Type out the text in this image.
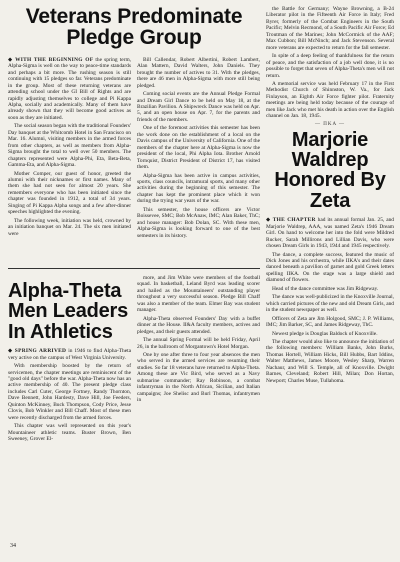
Veterans Predominate Pledge Group

◆ WITH THE BEGINNING OF the spring term, Alpha-Sigma is well on the way to peace-time standards and perhaps a bit more. The rushing season is still continuing with 15 pledges so far. Veterans predominate in the group. Most of these returning veterans are attending school under the GI Bill of Rights and are rapidly adjusting themselves to college and Pi Kappa Alpha, socially and academically. Many of them have already shown that they will become good actives as soon as they are initiated.

The social season began with the traditional Founders' Day banquet at the Whitcomb Hotel in San Francisco on Mar. 16. Alumni, visiting members in the armed forces from other chapters, as well as members from Alpha-Sigma brought the total to well over 50 members. The chapters represented were Alpha-Phi, Eta, Beta-Beta, Gamma-Eta, and Alpha-Sigma.

Mother Comper, our guest of honor, greeted the alumni with their nicknames or first names. Many of them she had not seen for almost 20 years. She remembers everyone who has been initiated since the chapter was founded in 1912, a total of 34 years. Singing of Pi Kappa Alpha songs and a few after-dinner speeches highlighted the evening.

The following week, initiation was held, crowned by an initiation banquet on Mar. 24. The six men initiated were

Bill Callendar, Robert Albertini, Robert Lambert, Alan Mattern, David Walters, John Daniels. They brought the number of actives to 31. With the pledges, there are 46 men in Alpha-Sigma with more still being pledged.

Coming social events are the Annual Pledge Formal and Dream Girl Dance to be held on May 18, at the Brazilian Pavilion. A Shipwreck Dance was held on Apr. 5, and an open house on Apr. 7, for the parents and friends of the members.

One of the foremost activities this semester has been the work done on the establishment of a local on the Davis campus of the University of California. One of the members of the chapter here at Alpha-Sigma is now the president of the local, Phi Alpha Iota. Brother Arnold Tornquist, District President of District 17, has visited them.

Alpha-Sigma has been active in campus activities, sports, class councils, intramural sports, and many other activities during the beginning of this semester. The chapter has kept the prominent place which it won during the trying war years of the war.

This semester, the house officers are Victor Boissevee, SMC; Bob McAnaw, IMC; Alan Baker, ThC; and house manager: Bob Dolan, SC. With these men, Alpha-Sigma is looking forward to one of the best semesters in its history.

Alpha-Theta Men Leaders In Athletics

◆ SPRING ARRIVED in 1946 to find Alpha-Theta very active on the campus of West Virginia University.

With membership boosted by the return of servicemen, the chapter meetings are reminiscent of the "good old days" before the war. Alpha-Theta now has an active membership of 40. The present pledge class includes Carl Cuter, George Fortney, Randy Thornton, Dave Bennett, John Hardesty, Dave Hill, Joe Feeders, Quinton McKinney, Buck Thompson, Cody Price, Jesse Clovis, Bob Winkler and Bill Chaff. Most of these men were recently discharged from the armed forces.

This chapter was well represented on this year's Mountaineer athletic teams. Buster Brown, Ben Sweeney, Grover El-

more, and Jim White were members of the football squad. In basketball, Leland Byrd was leading scorer and hailed as the Mountaineers' outstanding player throughout a very successful season. Pledge Bill Chaff was also a member of the team. Elmer Bay was student manager.

Alpha-Theta observed Founders' Day with a buffet dinner at the House. II&A faculty members, actives and pledges, and their guests attended.

The annual Spring Formal will be held Friday, April 26, in the ballroom of Morgantown's Hotel Morgan.

One by one after three to four year absences the men who served in the armed services are resuming their studies. So far 18 veterans have returned to Alpha-Theta. Among these are Vic Bird, who served as a Navy submarine commander; Ray Robinson, a combat infantryman in the North African, Sicilian, and Italian campaigns; Joe Shelisc and Burl Thomas, infantrymen in

the Battle for Germany; Wayne Browning, a B-24 Liberator pilot in the Fifteenth Air Force in Italy; Fred Byrer, formerly of the Combat Engineers in the South Pacific; Melvin Recmond, of a South Pacific Air Force; Ed Troutman of the Marines; John McCormick of the AAF; Max Cubbon; Bill McNinch; and Jack Stevenson. Several more veterans are expected to return for the fall semester.

In spite of a deep feeling of thankfulness for the return of peace, and the satisfaction of a job well done, it is no possible to forget that seven of Alpha-Theta's men will not return.

A memorial service was held February 17 in the First Methodist Church of Shinnston, W. Va., for Jack Finlayson, an Eighth Air Force fighter pilot. Fraternity meetings are being held today because of the courage of men like Jack who met his death in action over the English channel on Jan. 18, 1945.

— ΠΚΑ —
Marjorie Waldrep Honored By Zeta

◆ THE CHAPTER had its annual formal Jan. 25, and Marjorie Waldrep, AAA, was named Zeta's 1946 Dream Girl. On hand to welcome her into the fold were Mildred Rucker, Sarah Millirons and Lillian Davis, who were chosen Dream Girls in 1943, 1944 and 1945 respectively.

The dance, a complete success, featured the music of Dick Jones and his orchestra, while IIKA's and their dates danced beneath a pavilion of garnet and gold Greek letters spelling IIKA. On the stage was a large shield and diamond of flowers.

Head of the dance committee was Jim Ridgeway.

The dance was well-publicized in the Knoxville Journal, which carried pictures of the new and old Dream Girls, and in the student newspaper as well.

Officers of Zeta are Jim Holgood, SMC; J. P. Williams, IMC; Jim Barker, SC, and James Ridgeway, ThC.

Newest pledge is Douglas Baldock of Knoxville.

The chapter would also like to announce the initiation of the following members: William Banks, John Burks, Thomas Hortell, William Hicks, Bill Hubbs, Bart Iddins, Walter Matthews, James Moore, Wesley Sharp, Warren Nachaur, and Will S. Temple, all of Knoxville. Dwight Barnes, Cleveland; Robert Hill, Milan; Don Hortan, Newport; Charles Muse, Tullahoma.

34
